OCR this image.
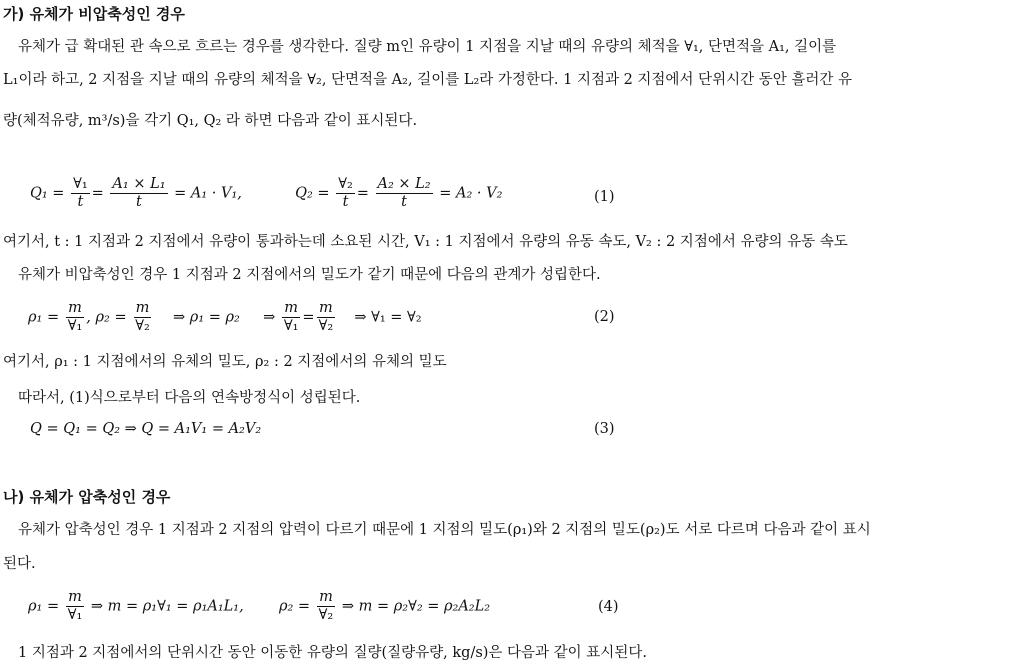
가) 유체가 비압축성인 경우
유체가 급 확대된 관 속으로 흐르는 경우를 생각한다. 질량 m인 유량이 1 지점을 지날 때의 유량의 체적을 ∀₁, 단면적을 A₁, 길이를
L₁이라 하고, 2 지점을 지날 때의 유량의 체적을 ∀₂, 단면적을 A₂, 길이를 L₂라 가정한다. 1 지점과 2 지점에서 단위시간 동안 흘러간 유
량(체적유량, m³/s)을 각기 Q₁, Q₂ 라 하면 다음과 같이 표시된다.
$Q_1 = \frac{\text{∀₁}}{t} = \frac{\text{A₁ × L₁}}{t} = A_1 \cdot V_1$,	$Q_2 = \frac{\text{∀₂}}{t} = \frac{\text{A₂ × L₂}}{t} = A_2 \cdot V_2$	(1)
여기서, t : 1 지점과 2 지점에서 유량이 통과하는데 소요된 시간, V₁ : 1 지점에서 유량의 유동 속도, V₂ : 2 지점에서 유량의 유동 속도
유체가 비압축성인 경우 1 지점과 2 지점에서의 밀도가 같기 때문에 다음의 관계가 성립한다.
$\rho_1 = \frac{m}{\text{∀₁}}$ , $\rho_2 = \frac{m}{\text{∀₂}}$ ⇒ ρ₁ = ρ₂ ⇒ $\frac{m}{\text{∀₁}} = \frac{m}{\text{∀₂}}$ ⇒ ∀₁ = ∀₂	(2)
여기서, ρ₁ : 1 지점에서의 유체의 밀도, ρ₂ : 2 지점에서의 유체의 밀도
따라서, (1)식으로부터 다음의 연속방정식이 성립된다.
Q = Q₁ = Q₂ ⇒ Q = A₁V₁ = A₂V₂	(3)
나) 유체가 압축성인 경우
유체가 압축성인 경우 1 지점과 2 지점의 압력이 다르기 때문에 1 지점의 밀도(ρ₁)와 2 지점의 밀도(ρ₂)도 서로 다르며 다음과 같이 표시
된다.
$\rho_1 = \frac{m}{\text{∀₁}}$ ⇒ m = ρ₁∀₁ = ρ₁A₁L₁, $\rho_2 = \frac{m}{\text{∀₂}}$ ⇒ m = ρ₂∀₂ = ρ₂A₂L₂	(4)
1 지점과 2 지점에서의 단위시간 동안 이동한 유량의 질량(질량유량, kg/s)은 다음과 같이 표시된다.
